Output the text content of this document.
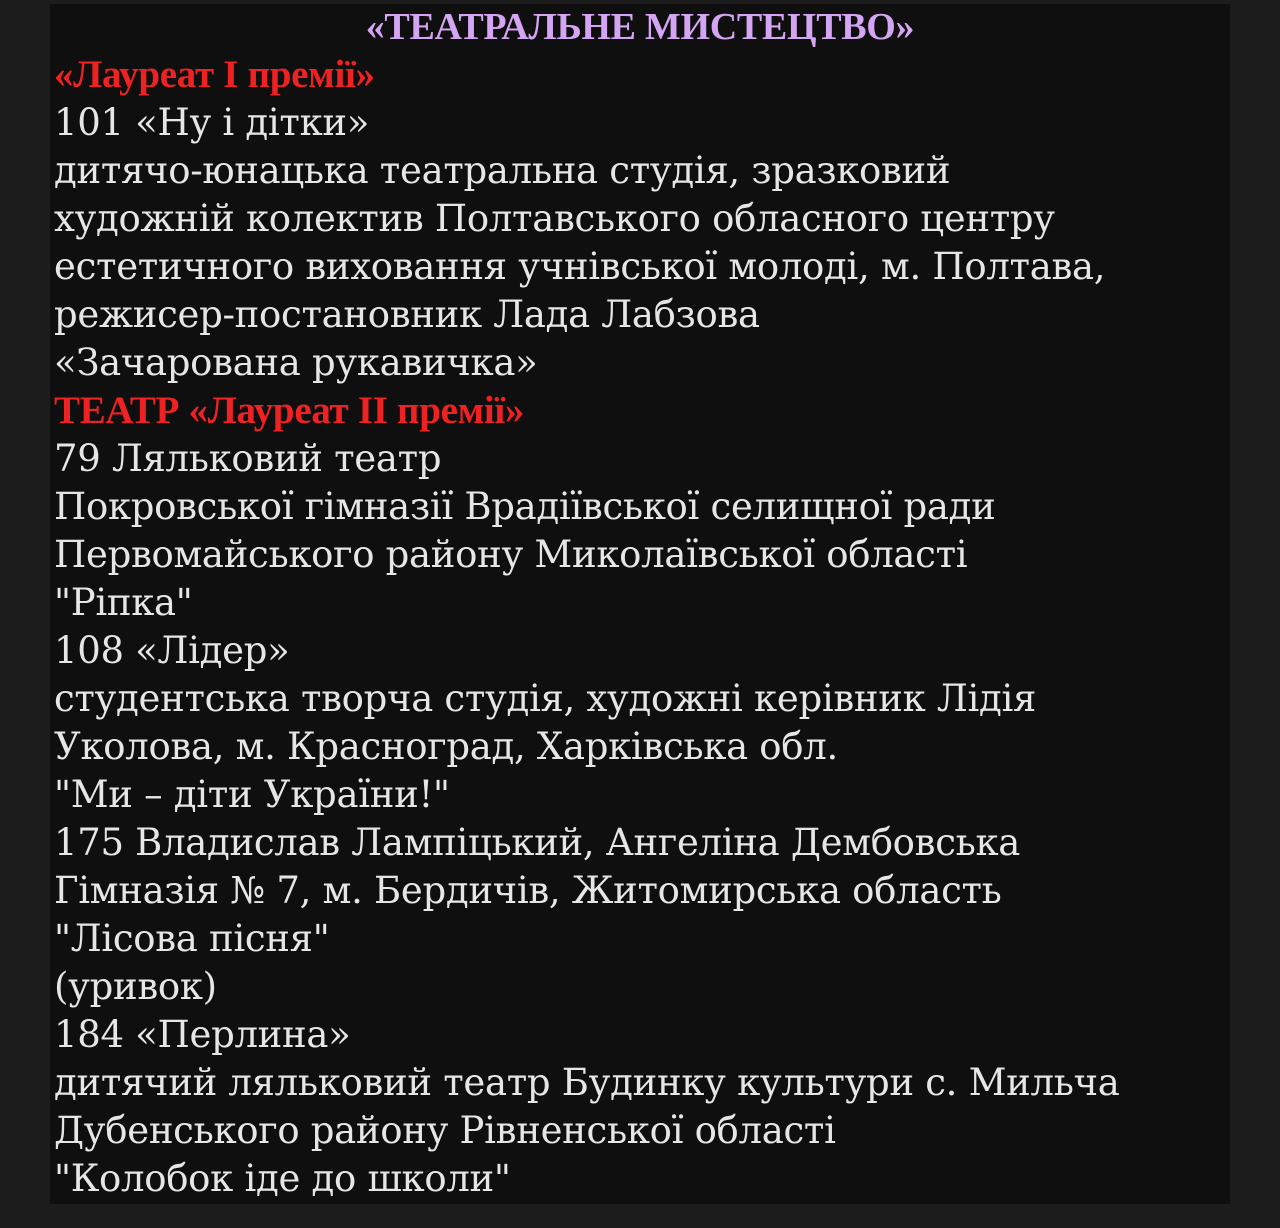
«ТЕАТРАЛЬНЕ МИСТЕЦТВО»
«Лауреат І премії»
101 «Ну і дітки»
дитячо-юнацька театральна студія, зразковий
художній колектив Полтавського обласного центру
естетичного виховання учнівської молоді, м. Полтава,
режисер-постановник Лада Лабзова
«Зачарована рукавичка»
ТЕАТР «Лауреат ІІ премії»
79 Ляльковий театр
Покровської гімназії Врадіївської селищної ради
Первомайського району Миколаївської області
"Ріпка"
108 «Лідер»
студентська творча студія, художні керівник Лідія
Уколова, м. Красноград, Харківська обл.
"Ми – діти України!"
175 Владислав Лампіцький, Ангеліна Дембовська
Гімназія № 7, м. Бердичів, Житомирська область
"Лісова пісня"
(уривок)
184 «Перлина»
дитячий ляльковий театр Будинку культури с. Мильча
Дубенського району Рівненської області
"Колобок іде до школи"
